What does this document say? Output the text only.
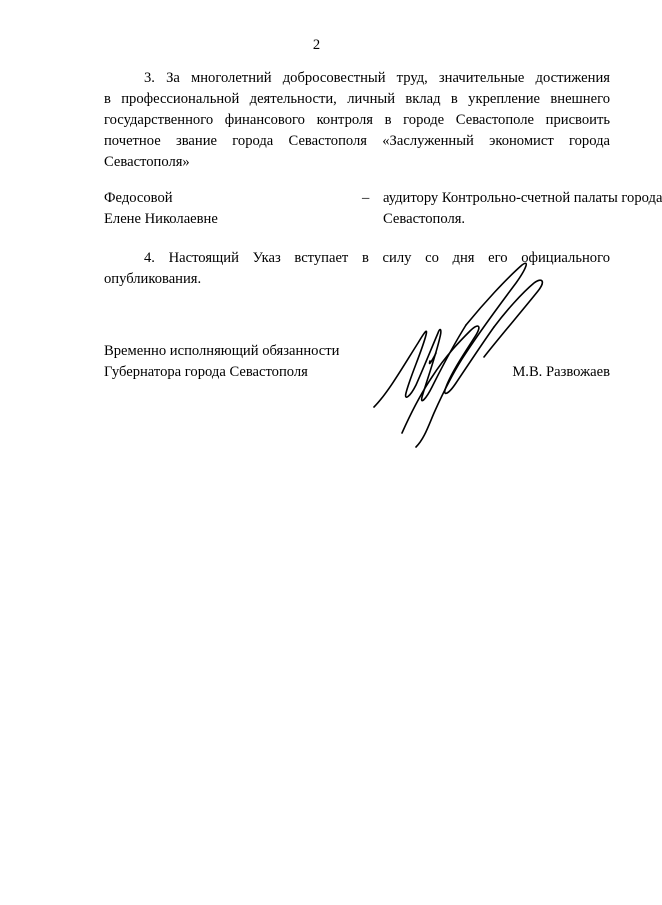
2
3. За многолетний добросовестный труд, значительные достижения
в профессиональной деятельности, личный вклад в укрепление внешнего
государственного финансового контроля в городе Севастополе присвоить
почетное звание города Севастополя «Заслуженный экономист города
Севастополя»
Федосовой
Елене Николаевне
– аудитору Контрольно-счетной палаты города
Севастополя.
4. Настоящий Указ вступает в силу со дня его официального
опубликования.
Временно исполняющий обязанности
Губернатора города Севастополя	М.В. Развожаев
